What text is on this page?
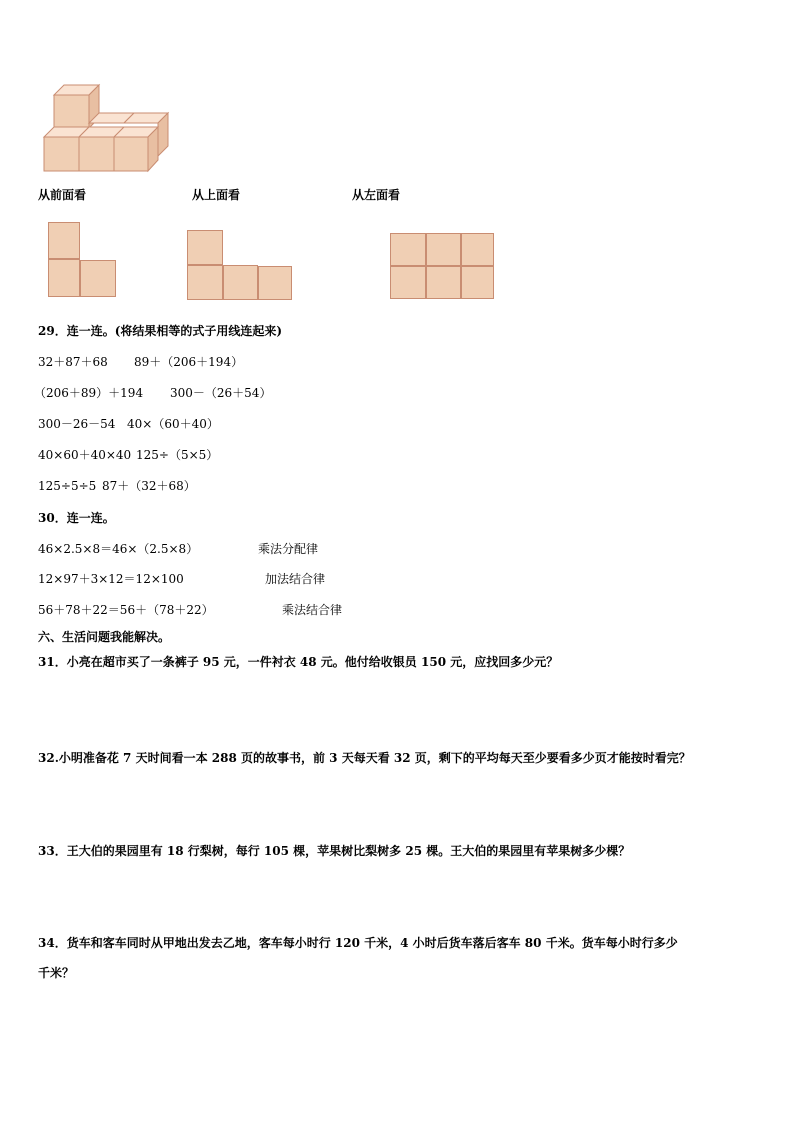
从前面看	从上面看	从左面看
29．连一连。(将结果相等的式子用线连起来)
32＋87＋68 89＋（206＋194）
（206＋89）＋194 300－（26＋54）
300－26－54 40×（60＋40）
40×60＋40×40 125÷（5×5）
125÷5÷5 87＋（32＋68）
30．连一连。
46×2.5×8＝46×（2.5×8）	乘法分配律
12×97＋3×12＝12×100	加法结合律
56＋78＋22＝56＋（78＋22）	乘法结合律
六、生活问题我能解决。
31．小亮在超市买了一条裤子 95 元，一件衬衣 48 元。他付给收银员 150 元，应找回多少元？
32.小明准备花 7 天时间看一本 288 页的故事书，前 3 天每天看 32 页，剩下的平均每天至少要看多少页才能按时看完？
33．王大伯的果园里有 18 行梨树，每行 105 棵，苹果树比梨树多 25 棵。王大伯的果园里有苹果树多少棵？
34．货车和客车同时从甲地出发去乙地，客车每小时行 120 千米，4 小时后货车落后客车 80 千米。货车每小时行多少
千米？
